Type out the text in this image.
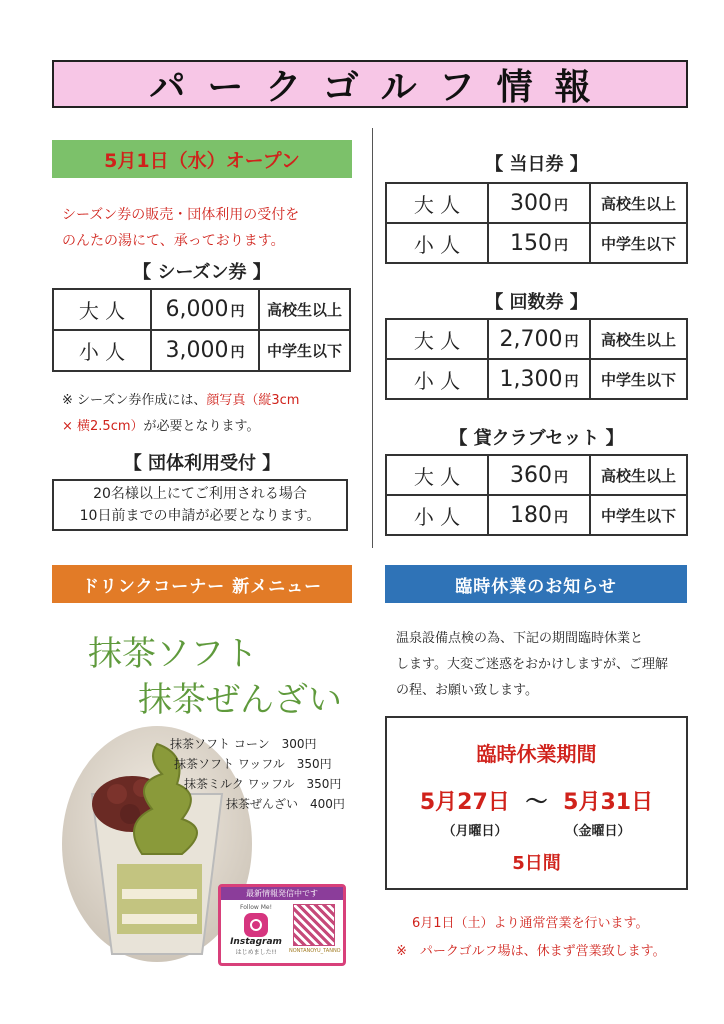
パークゴルフ情報
5月1日（水）オープン
シーズン券の販売・団体利用の受付を
のんたの湯にて、承っております。
【 シーズン券 】
大 人	6,000 円	高校生以上
小 人	3,000 円	中学生以下
※ シーズン券作成には、顔写真（縦3cm
× 横2.5cm）が必要となります。
【 団体利用受付 】
20名様以上にてご利用される場合
10日前までの申請が必要となります。
【 当日券 】
大 人	300 円	高校生以上
小 人	150 円	中学生以下
【 回数券 】
大 人	2,700 円	高校生以上
小 人	1,300 円	中学生以下
【 貸クラブセット 】
大 人	360 円	高校生以上
小 人	180 円	中学生以下
ドリンクコーナー 新メニュー
抹茶ソフト
抹茶ぜんざい
抹茶ソフト コーン　300円
抹茶ソフト ワッフル　350円
抹茶ミルク ワッフル　350円
抹茶ぜんざい　400円
最新情報発信中です
Follow Me!
Instagram
はじめました!!	NONTANOYU_TANNO
臨時休業のお知らせ
温泉設備点検の為、下記の期間臨時休業と
します。大変ご迷惑をおかけしますが、ご理解
の程、お願い致します。
臨時休業期間
5月27日 ～ 5月31日
（月曜日）	（金曜日）
5日間
6月1日（土）より通常営業を行います。
※　パークゴルフ場は、休まず営業致します。
